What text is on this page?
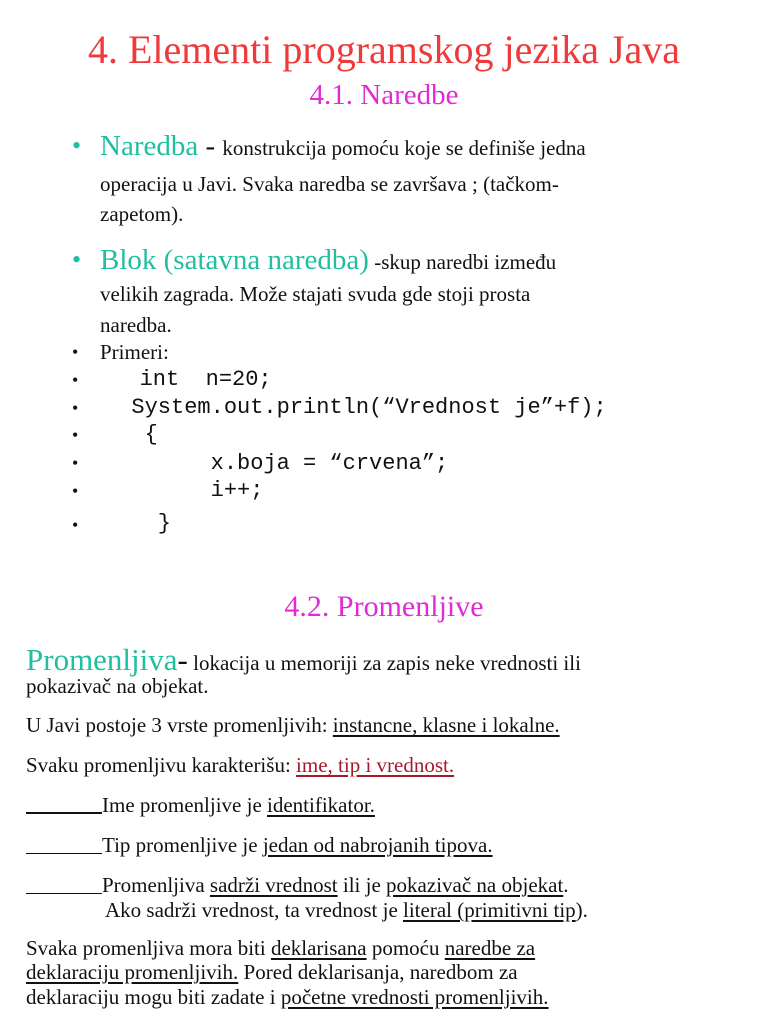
4. Elementi programskog jezika Java
4.1. Naredbe
• Naredba - konstrukcija pomoću koje se definiše jedna
operacija u Javi. Svaka naredba se završava ; (tačkom-
zapetom).
• Blok (satavna naredba) -skup naredbi između
velikih zagrada. Može stajati svuda gde stoji prosta
naredba.
• Primeri:
• int  n=20;
• System.out.println(“Vrednost je”+f);
• {
• x.boja = “crvena”;
• i++;
• }
4.2. Promenljive
Promenljiva- lokacija u memoriji za zapis neke vrednosti ili
pokazivač na objekat.
U Javi postoje 3 vrste promenljivih: instancne, klasne i lokalne.
Svaku promenljivu karakterišu: ime, tip i vrednost.
Ime promenljive je identifikator.
Tip promenljive je jedan od nabrojanih tipova.
Promenljiva sadrži vrednost ili je pokazivač na objekat.
Ako sadrži vrednost, ta vrednost je literal (primitivni tip).
Svaka promenljiva mora biti deklarisana pomoću naredbe za
deklaraciju promenljivih. Pored deklarisanja, naredbom za
deklaraciju mogu biti zadate i početne vrednosti promenljivih.
